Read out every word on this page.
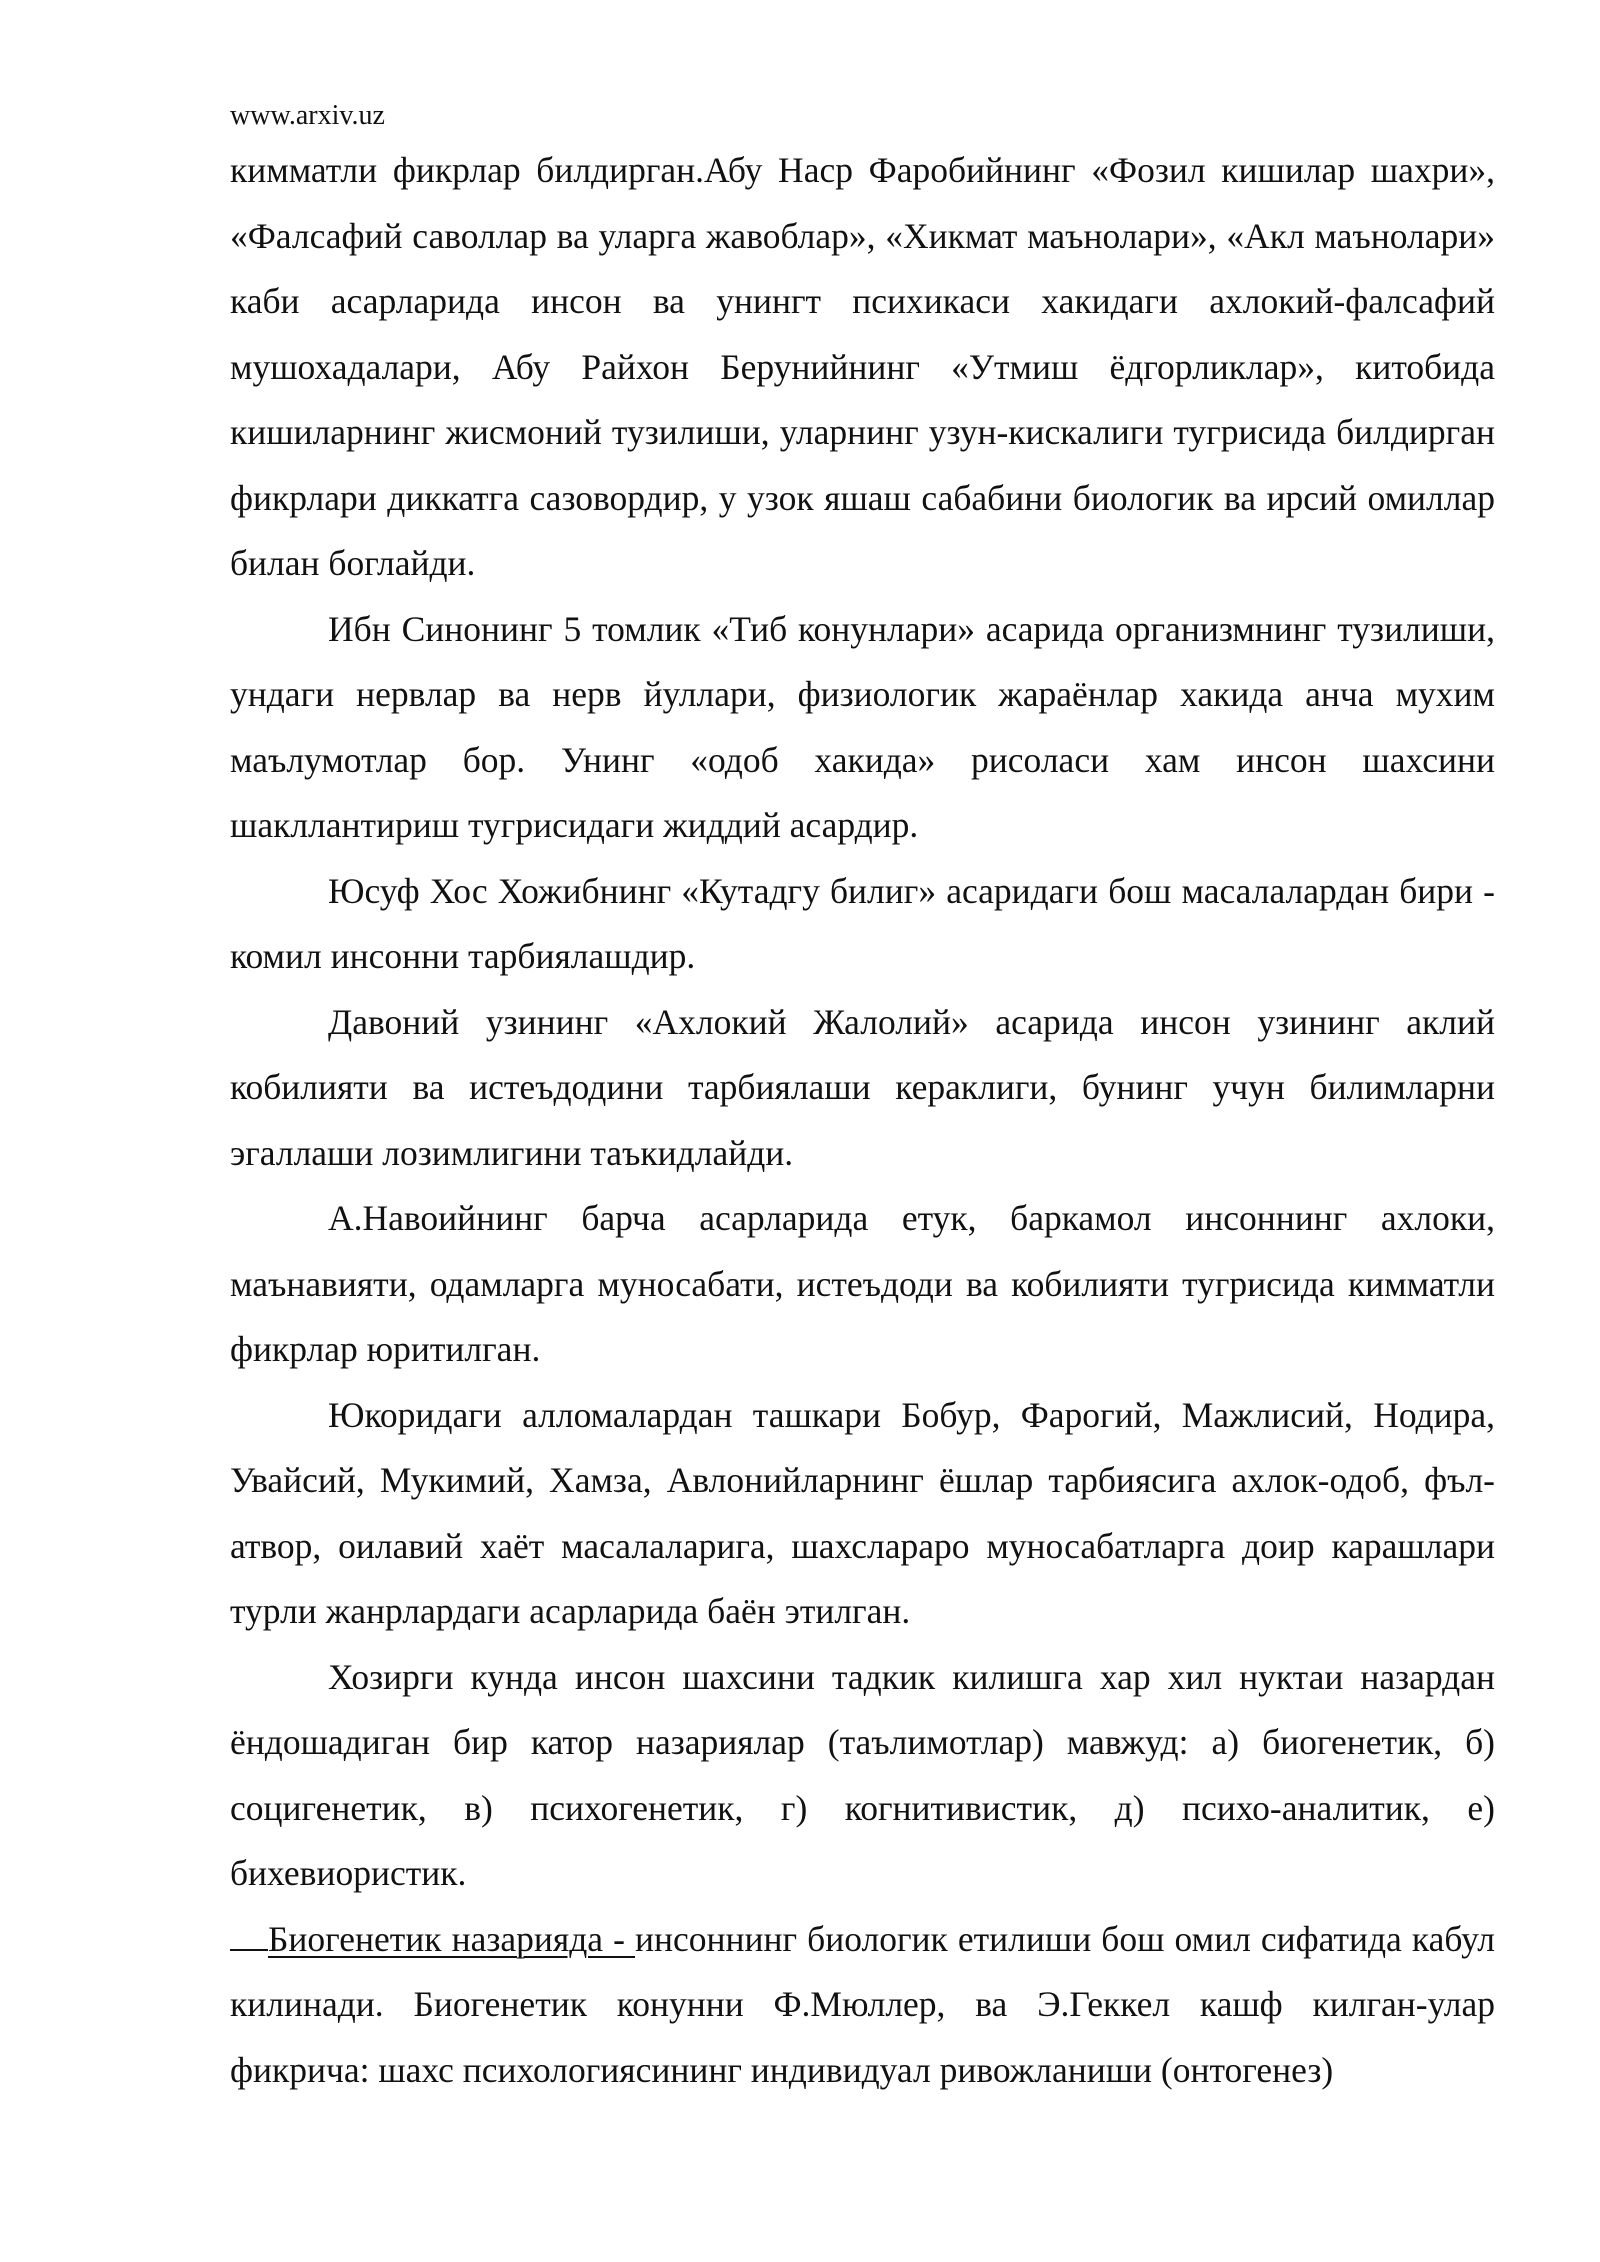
www.arxiv.uz

кимматли фикрлар билдирган.Абу Наср Фаробийнинг «Фозил кишилар шахри», «Фалсафий саволлар ва уларга жавоблар», «Хикмат маънолари», «Акл маънолари» каби асарларида инсон ва унингт психикаси хакидаги ахлокий-фалсафий мушохадалари, Абу Райхон Берунийнинг «Утмиш ёдгорликлар», китобида кишиларнинг жисмоний тузилиши, уларнинг узун-кискалиги тугрисида билдирган фикрлари диккатга сазовордир, у узок яшаш сабабини биологик ва ирсий омиллар билан боглайди.

Ибн Синонинг 5 томлик «Тиб конунлари» асарида организмнинг тузилиши, ундаги нервлар ва нерв йуллари, физиологик жараёнлар хакида анча мухим маълумотлар бор. Унинг «одоб хакида» рисоласи хам инсон шахсини шакллантириш тугрисидаги жиддий асардир.

Юсуф Хос Хожибнинг «Кутадгу билиг» асаридаги бош масалалардан бири - комил инсонни тарбиялашдир.

Давоний узининг «Ахлокий Жалолий» асарида инсон узининг аклий кобилияти ва истеъдодини тарбиялаши кераклиги, бунинг учун билимларни эгаллаши лозимлигини таъкидлайди.

А.Навоийнинг барча асарларида етук, баркамол инсоннинг ахлоки, маънавияти, одамларга муносабати, истеъдоди ва кобилияти тугрисида кимматли фикрлар юритилган.

Юкоридаги алломалардан ташкари Бобур, Фарогий, Мажлисий, Нодира, Увайсий, Мукимий, Хамза, Авлонийларнинг ёшлар тарбиясига ахлок-одоб, фъл-атвор, оилавий хаёт масалаларига, шахслараро муносабатларга доир карашлари турли жанрлардаги асарларида баён этилган.

Хозирги кунда инсон шахсини тадкик килишга хар хил нуктаи назардан ёндошадиган бир катор назариялар (таълимотлар) мавжуд: а) биогенетик, б) социгенетик, в) психогенетик, г) когнитивистик, д) психо-аналитик, е) бихевиористик.

Биогенетик назарияда - инсоннинг биологик етилиши бош омил сифатида кабул килинади. Биогенетик конунни Ф.Мюллер, ва Э.Геккел кашф килган-улар фикрича: шахс психологиясининг индивидуал ривожланиши (онтогенез)
